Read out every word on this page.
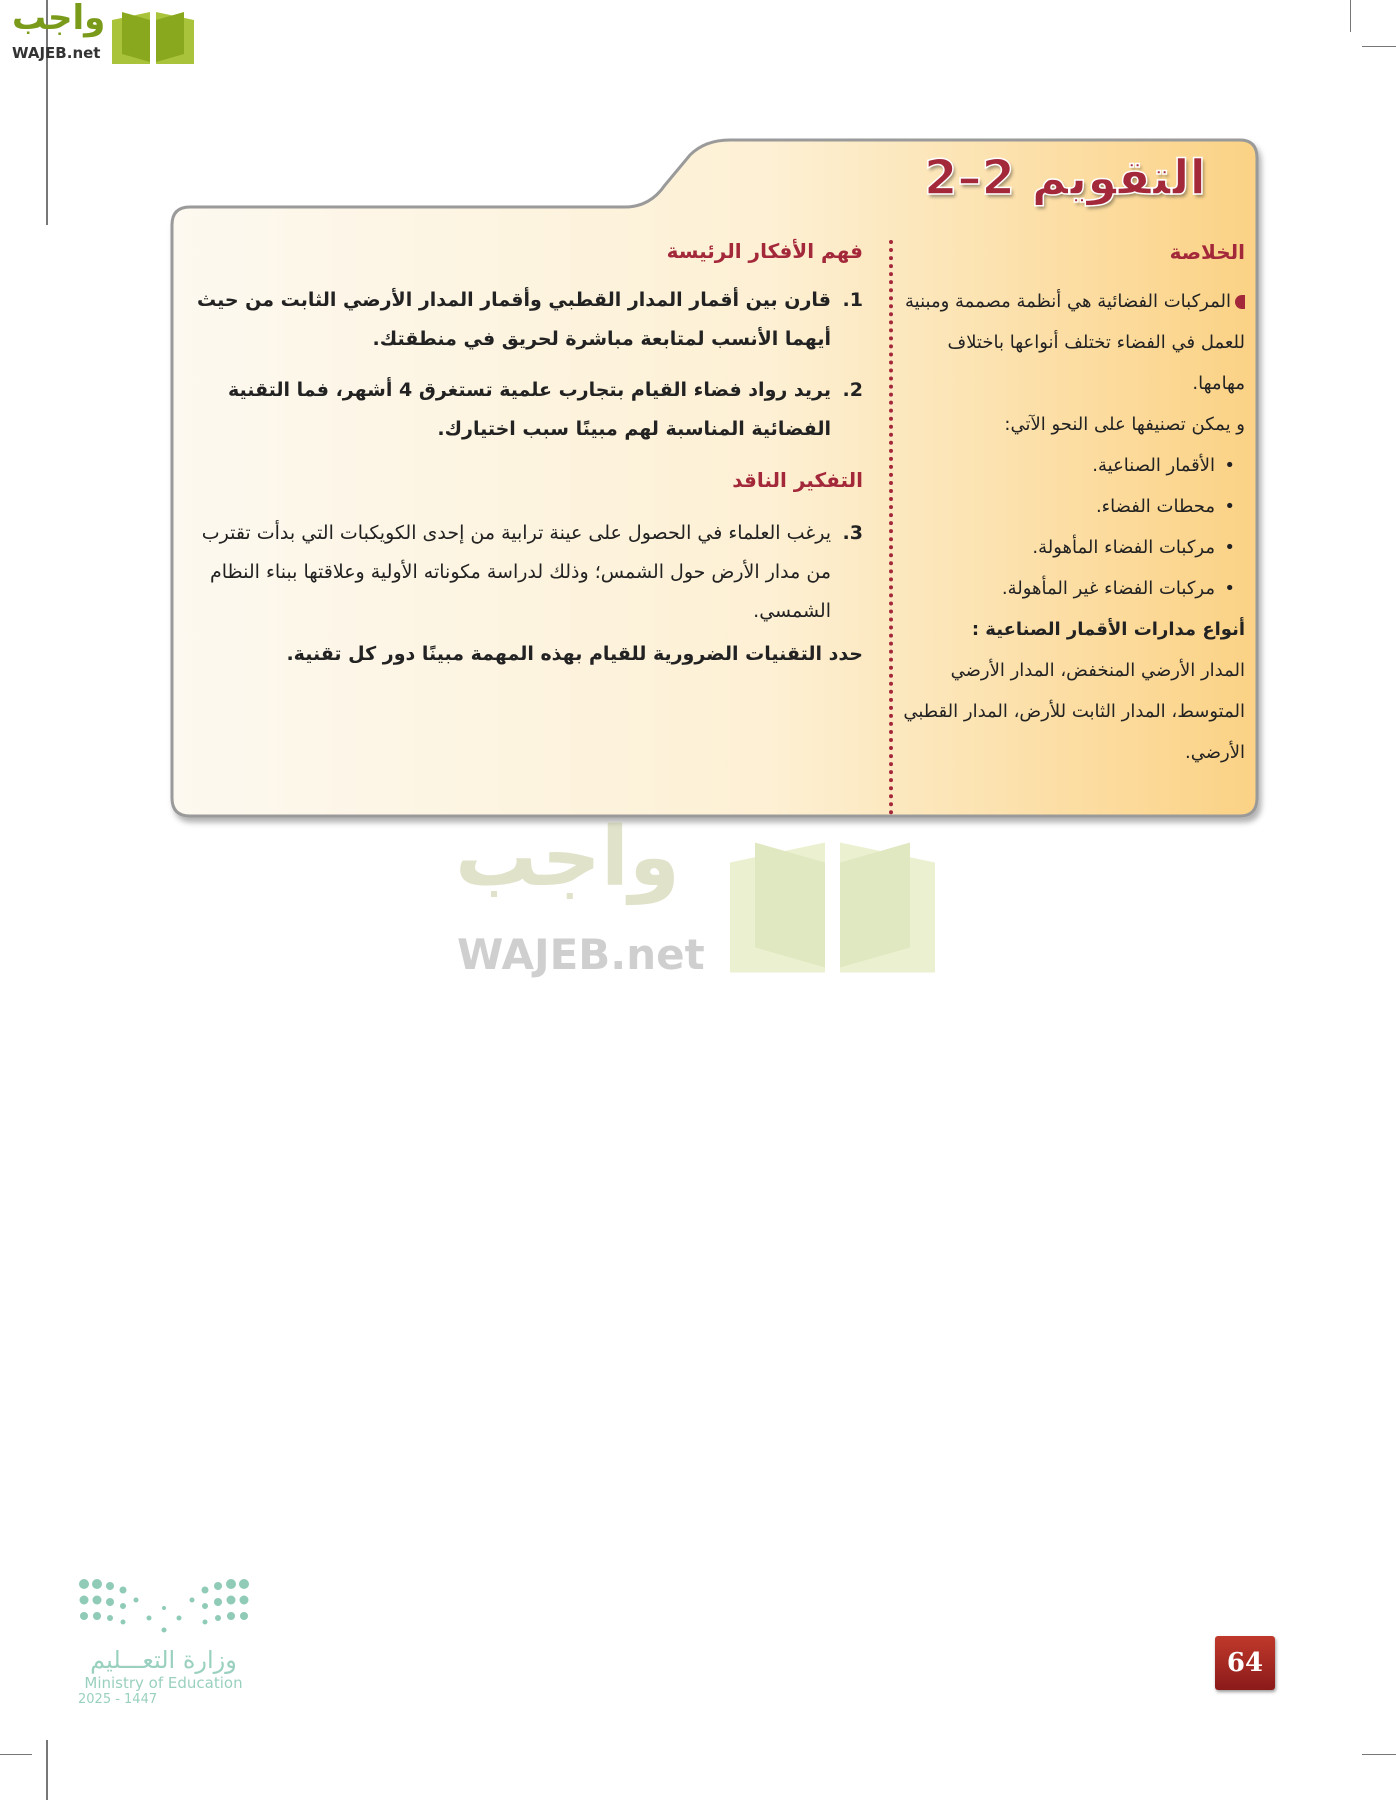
واجب
WAJEB.net
التقويم 2–2
الخلاصة
المركبات الفضائية هي أنظمة مصممة ومبنية للعمل في الفضاء تختلف أنواعها باختلاف مهامها.
و يمكن تصنيفها على النحو الآتي:
• الأقمار الصناعية.
• محطات الفضاء.
• مركبات الفضاء المأهولة.
• مركبات الفضاء غير المأهولة.
أنواع مدارات الأقمار الصناعية :
المدار الأرضي المنخفض، المدار الأرضي المتوسط، المدار الثابت للأرض، المدار القطبي الأرضي.
فهم الأفكار الرئيسة
1.
قارن بين أقمار المدار القطبي وأقمار المدار الأرضي الثابت من حيث أيهما الأنسب لمتابعة مباشرة لحريق في منطقتك.
2.
يريد رواد فضاء القيام بتجارب علمية تستغرق 4 أشهر، فما التقنية الفضائية المناسبة لهم مبينًا سبب اختيارك.
التفكير الناقد
3.
يرغب العلماء في الحصول على عينة ترابية من إحدى الكويكبات التي بدأت تقترب من مدار الأرض حول الشمس؛ وذلك لدراسة مكوناته الأولية وعلاقتها ببناء النظام الشمسي.
حدد التقنيات الضرورية للقيام بهذه المهمة مبينًا دور كل تقنية.
واجب
WAJEB.net
وزارة التعـــليم
Ministry of Education
2025 - 1447
64
